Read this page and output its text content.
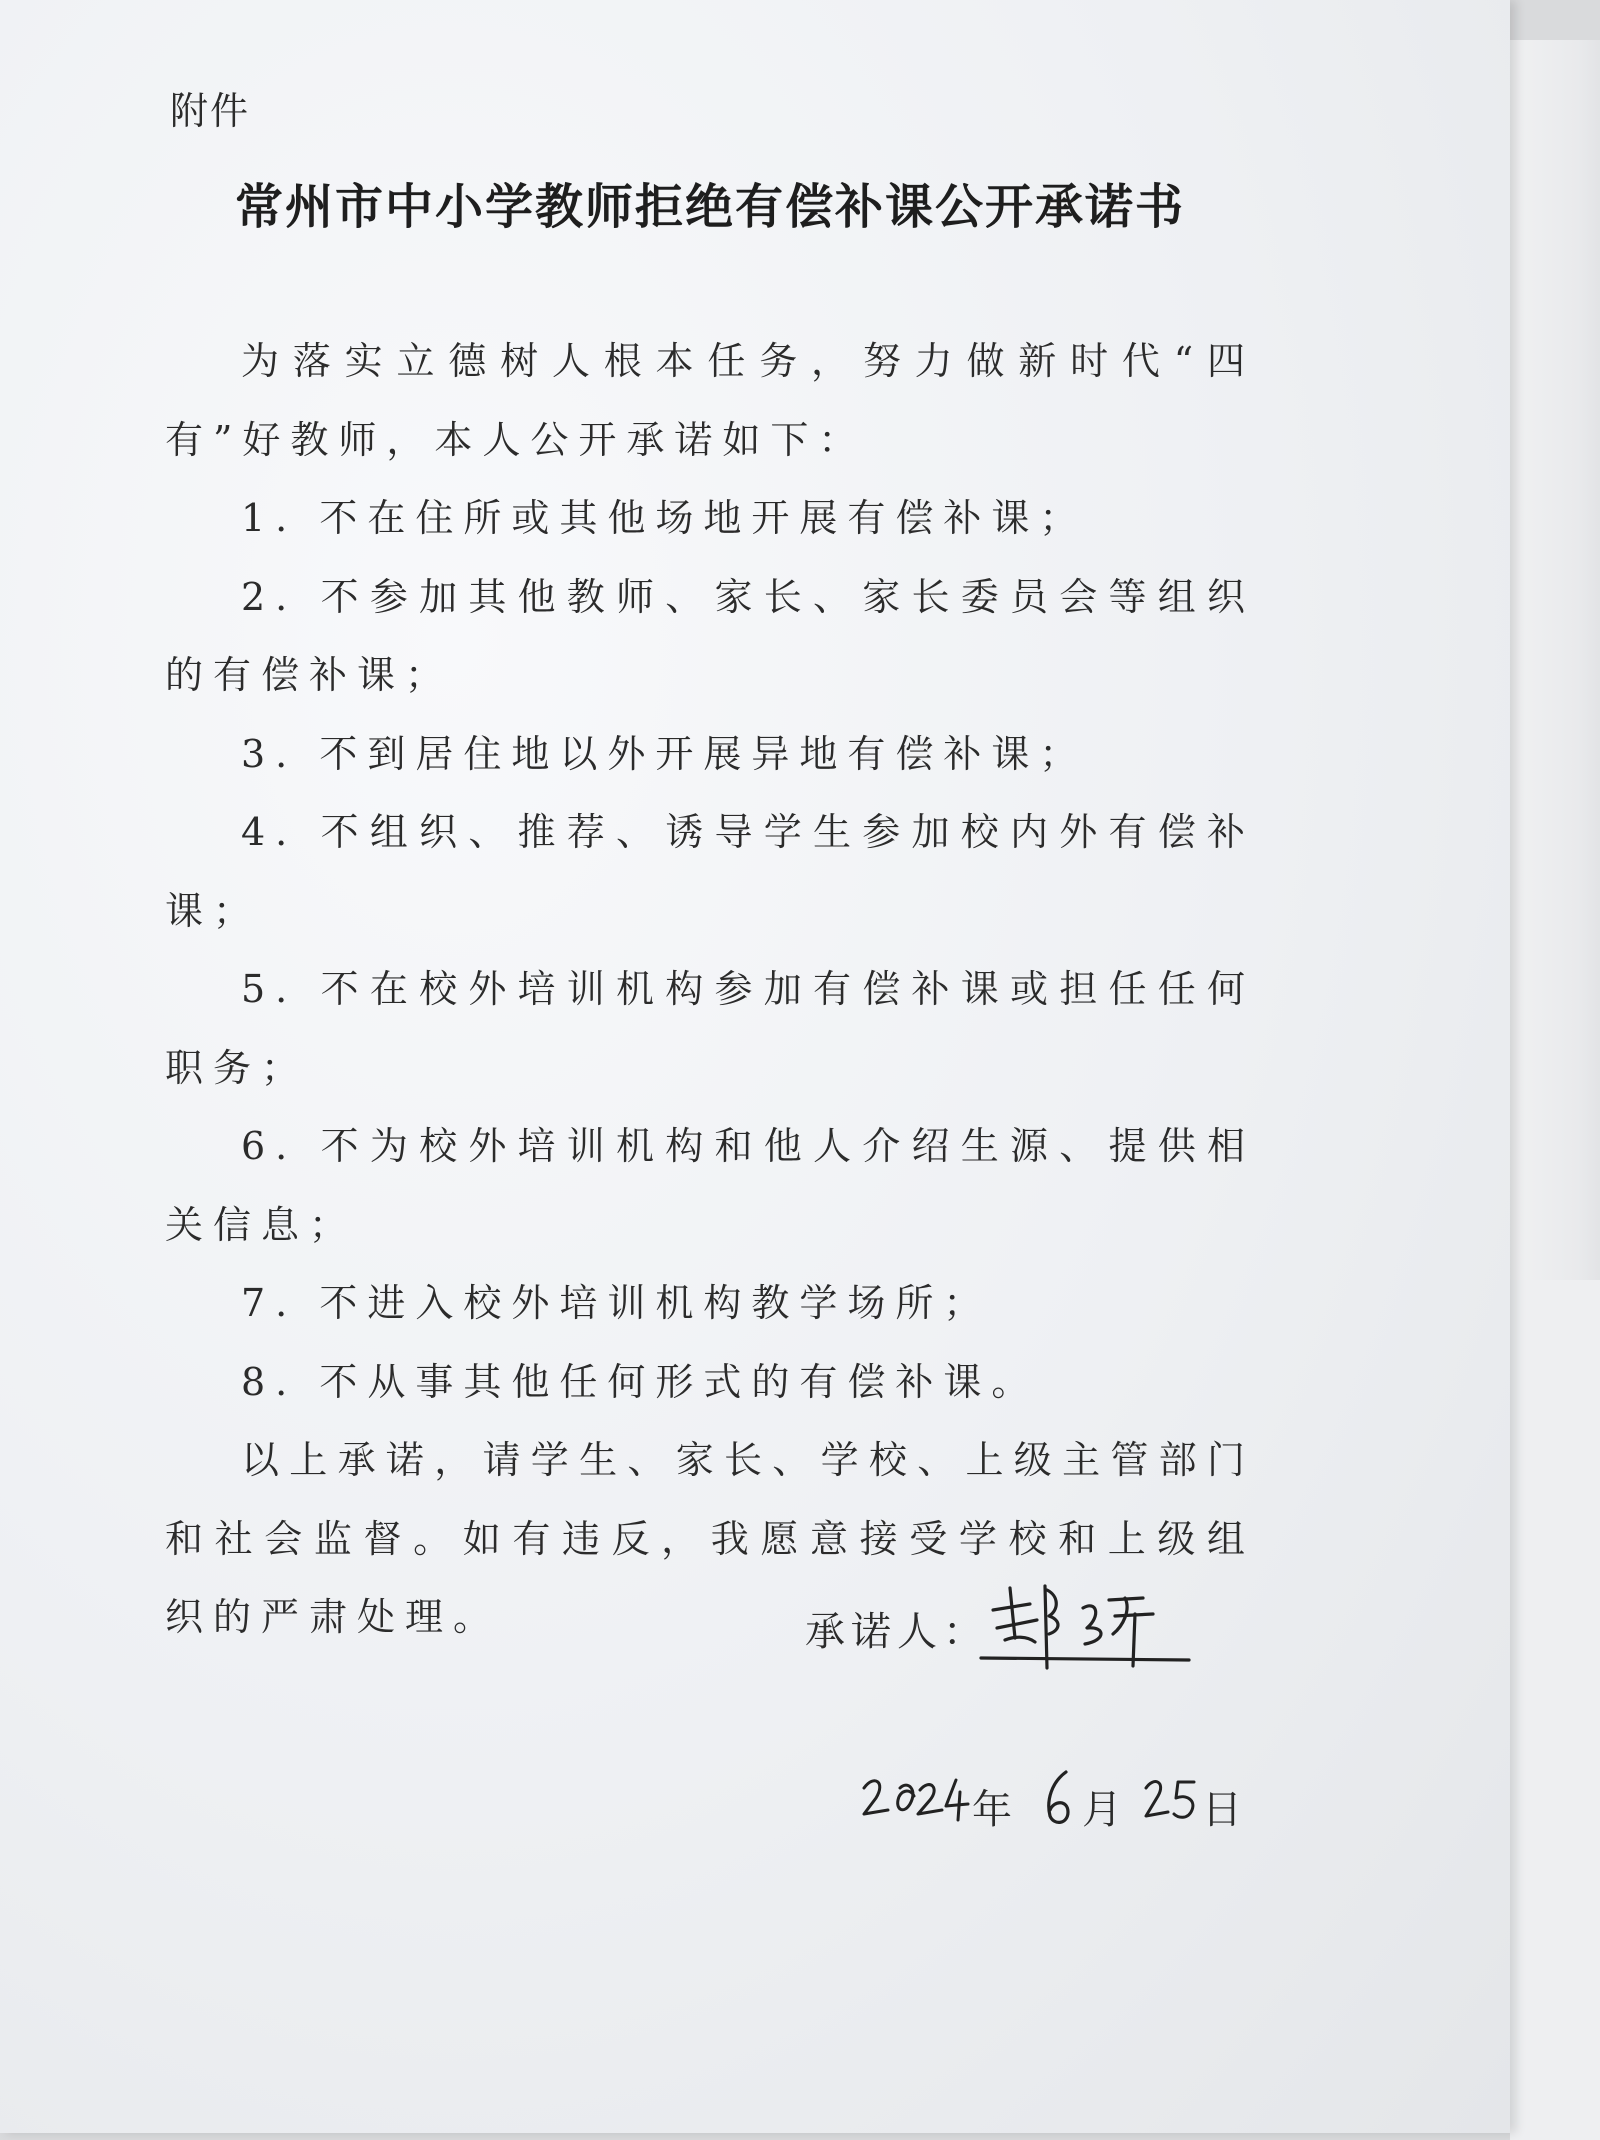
附件
常州市中小学教师拒绝有偿补课公开承诺书

为落实立德树人根本任务，努力做新时代“四有”好教师，本人公开承诺如下：

1. 不在住所或其他场地开展有偿补课；

2. 不参加其他教师、家长、家长委员会等组织的有偿补课；

3. 不到居住地以外开展异地有偿补课；

4. 不组织、推荐、诱导学生参加校内外有偿补课；

5. 不在校外培训机构参加有偿补课或担任任何职务；

6. 不为校外培训机构和他人介绍生源、提供相关信息；

7. 不进入校外培训机构教学场所；

8. 不从事其他任何形式的有偿补课。

以上承诺，请学生、家长、学校、上级主管部门和社会监督。如有违反，我愿意接受学校和上级组织的严肃处理。	承诺人：
年 月 日
